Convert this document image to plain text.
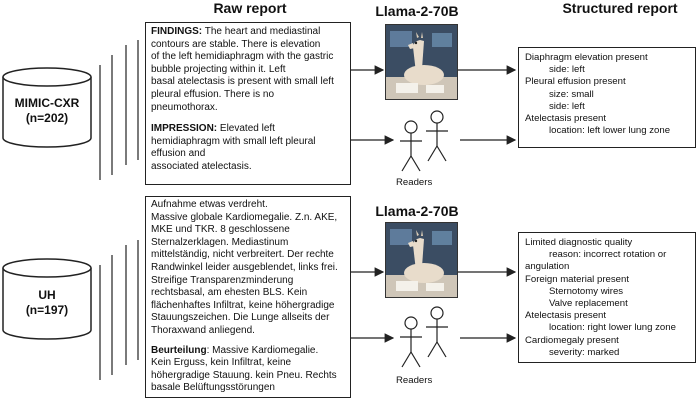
Raw report	Llama-2-70B	Structured report
Llama-2-70B
MIMIC-CXR
(n=202)
UH
(n=197)

FINDINGS: The heart and mediastinal

contours are stable. There is elevation

of the left hemidiaphragm with the gastric

bubble projecting within it. Left

basal atelectasis is present with small left

pleural effusion. There is no

pneumothorax.

IMPRESSION: Elevated left

hemidiaphragm with small left pleural

effusion and

associated atelectasis.

Aufnahme etwas verdreht.

Massive globale Kardiomegalie. Z.n. AKE,

MKE und TKR. 8 geschlossene

Sternalzerklagen. Mediastinum

mittelständig, nicht verbreitert. Der rechte

Randwinkel leider ausgeblendet, links frei.

Streifige Transparenzminderung

rechtsbasal, am ehesten BLS. Kein

flächenhaftes Infiltrat, keine höhergradige

Stauungszeichen. Die Lunge allseits der

Thoraxwand anliegend.

Beurteilung: Massive Kardiomegalie.

Kein Erguss, kein Infiltrat, keine

höhergradige Stauung. kein Pneu. Rechts

basale Belüftungsstörungen

Readers
Readers
Diaphragm elevation present
side: left
Pleural effusion present
size: small
side: left
Atelectasis present
location: left lower lung zone
Limited diagnostic quality
reason: incorrect rotation or
angulation
Foreign material present
Sternotomy wires
Valve replacement
Atelectasis present
location: right lower lung zone
Cardiomegaly present
severity: marked
